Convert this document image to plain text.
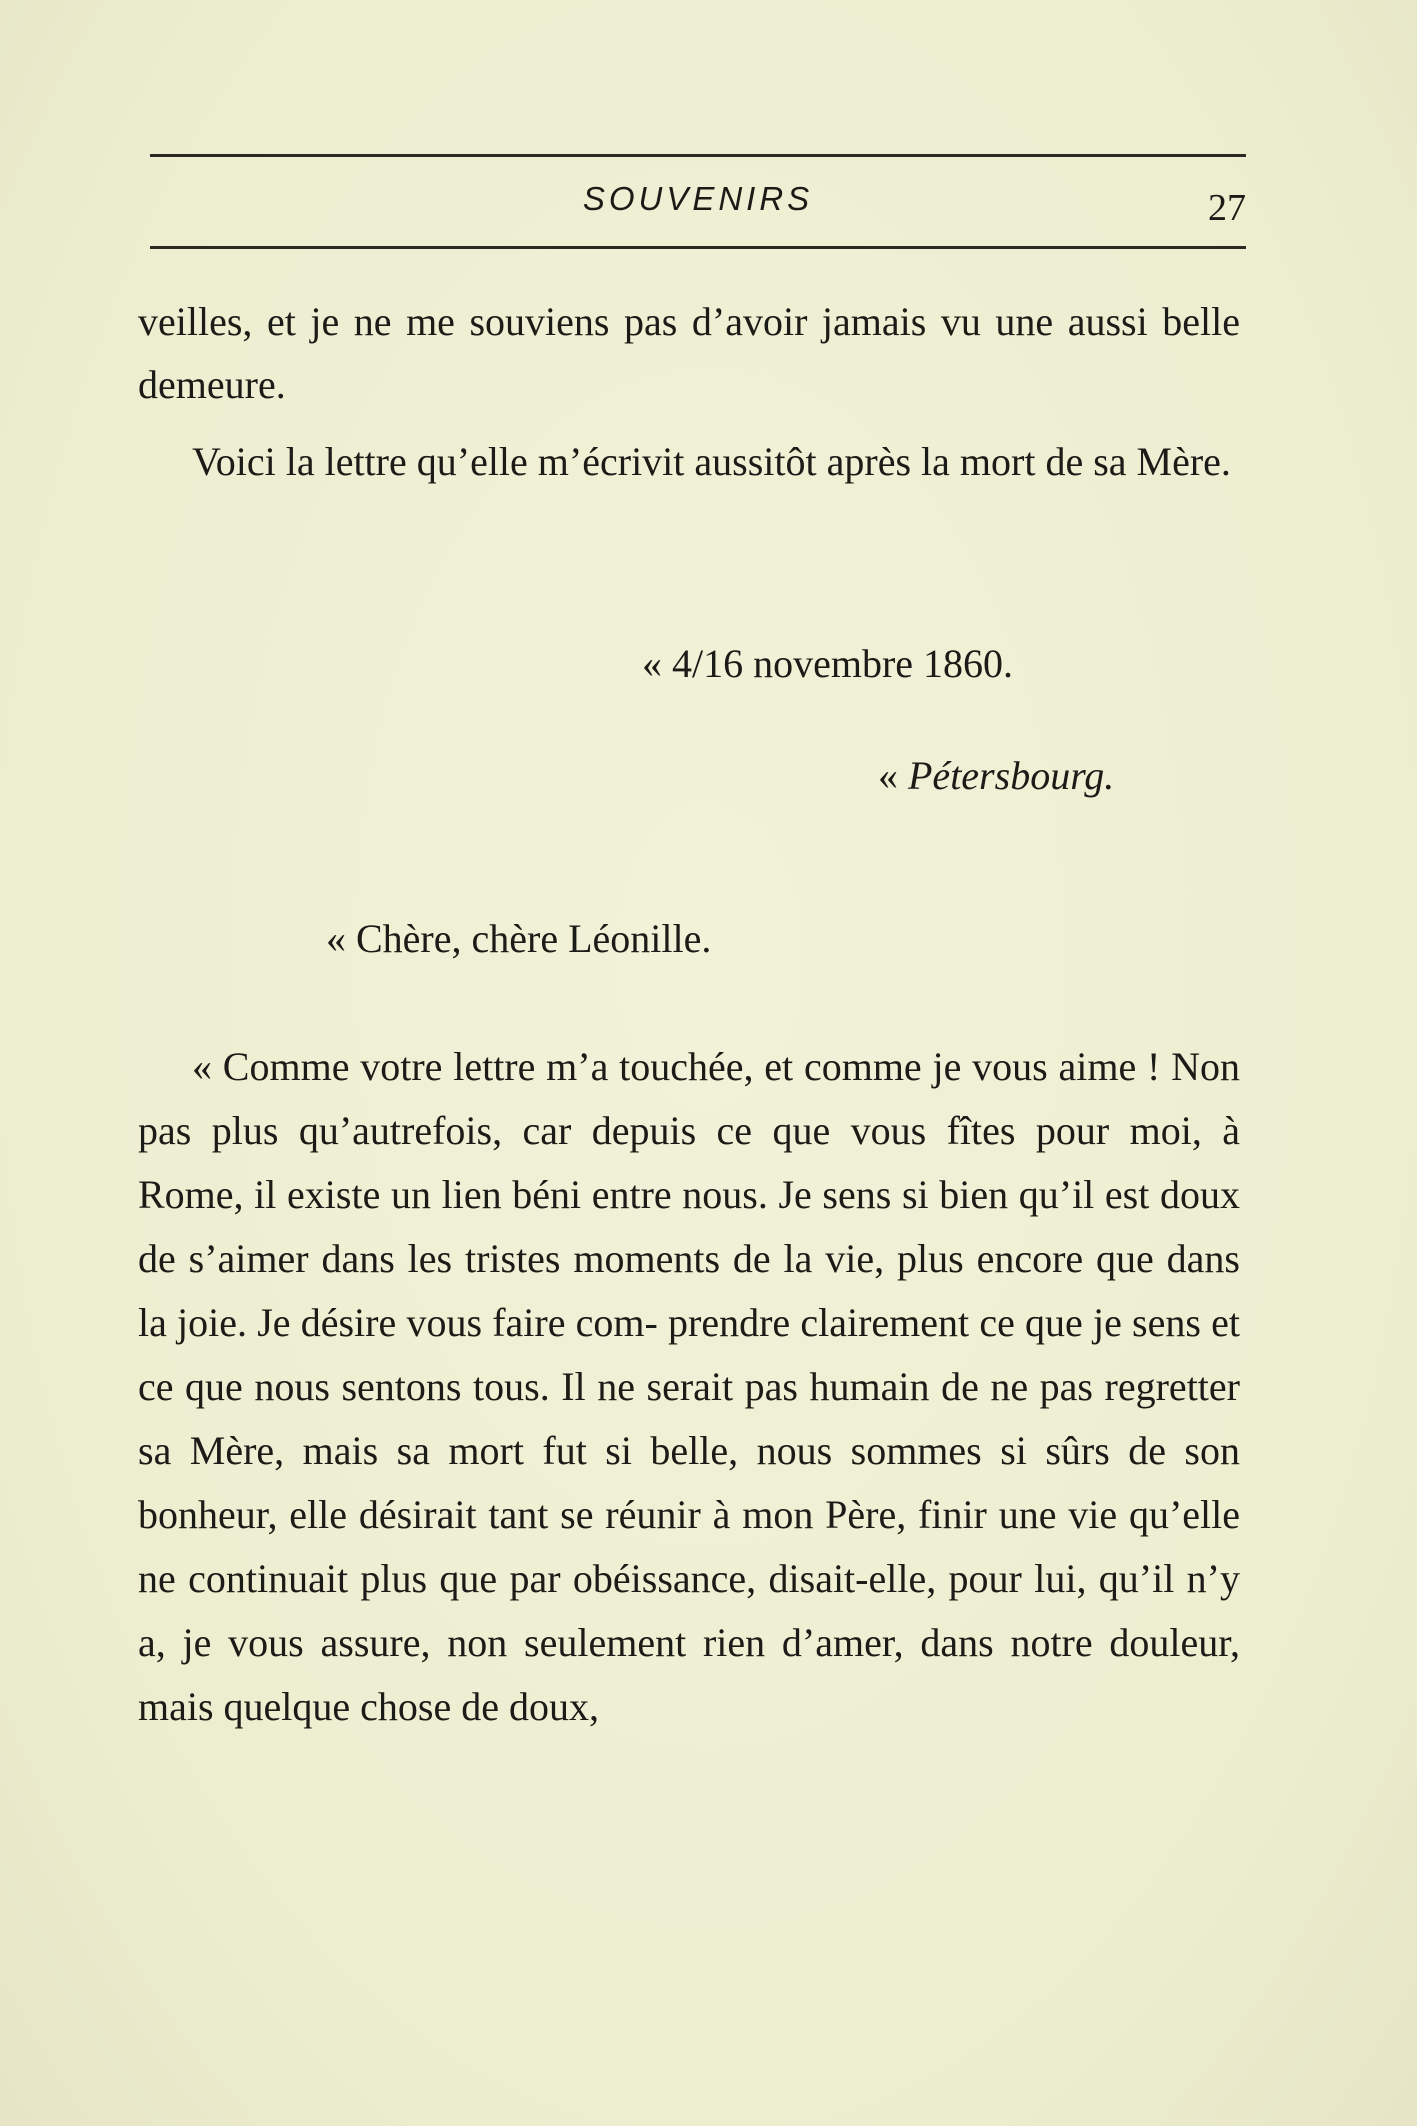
SOUVENIRS	27

veilles, et je ne me souviens pas d’avoir jamais vu une aussi belle demeure.

Voici la lettre qu’elle m’écrivit aussitôt après la mort de sa Mère.

« 4/16 novembre 1860.
« Pétersbourg.
« Chère, chère Léonille.

« Comme votre lettre m’a touchée, et comme je vous aime ! Non pas plus qu’autrefois, car depuis ce que vous fîtes pour moi, à Rome, il existe un lien béni entre nous. Je sens si bien qu’il est doux de s’aimer dans les tristes moments de la vie, plus encore que dans la joie. Je désire vous faire com- prendre clairement ce que je sens et ce que nous sentons tous. Il ne serait pas humain de ne pas regretter sa Mère, mais sa mort fut si belle, nous sommes si sûrs de son bonheur, elle désirait tant se réunir à mon Père, finir une vie qu’elle ne continuait plus que par obéissance, disait-elle, pour lui, qu’il n’y a, je vous assure, non seulement rien d’amer, dans notre douleur, mais quelque chose de doux,
